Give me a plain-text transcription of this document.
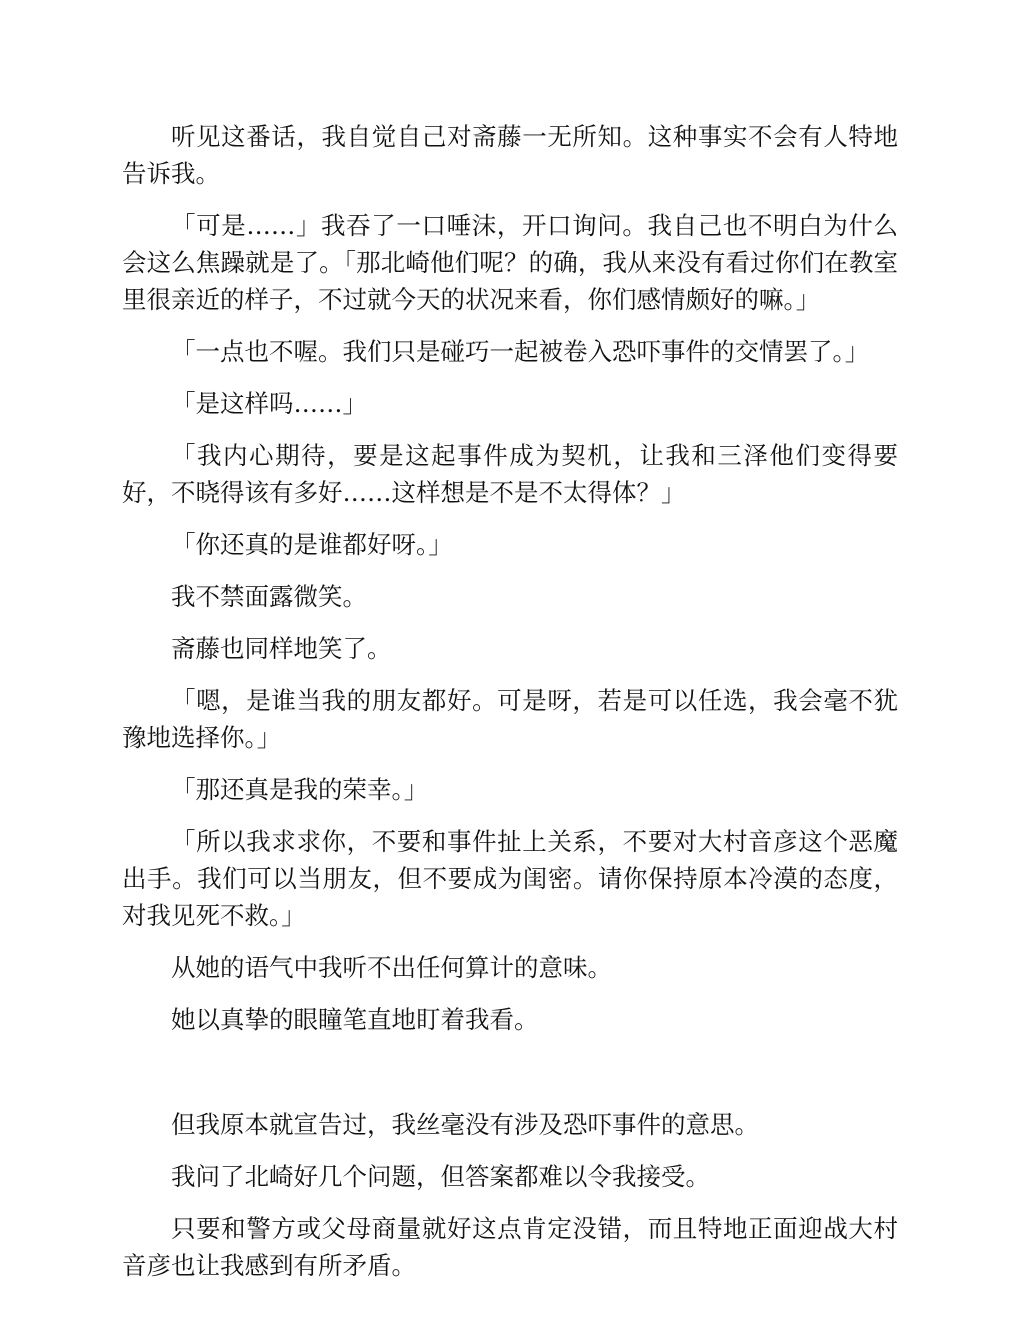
听见这番话，我自觉自己对斋藤一无所知。这种事实不会有人特地告诉我。

「可是……」我吞了一口唾沫，开口询问。我自己也不明白为什么会这么焦躁就是了。「那北崎他们呢？的确，我从来没有看过你们在教室里很亲近的样子，不过就今天的状况来看，你们感情颇好的嘛。」

「一点也不喔。我们只是碰巧一起被卷入恐吓事件的交情罢了。」

「是这样吗……」

「我内心期待，要是这起事件成为契机，让我和三泽他们变得要好，不晓得该有多好……这样想是不是不太得体？」

「你还真的是谁都好呀。」

我不禁面露微笑。

斋藤也同样地笑了。

「嗯，是谁当我的朋友都好。可是呀，若是可以任选，我会毫不犹豫地选择你。」

「那还真是我的荣幸。」

「所以我求求你，不要和事件扯上关系，不要对大村音彦这个恶魔出手。我们可以当朋友，但不要成为闺密。请你保持原本冷漠的态度，对我见死不救。」

从她的语气中我听不出任何算计的意味。

她以真挚的眼瞳笔直地盯着我看。

但我原本就宣告过，我丝毫没有涉及恐吓事件的意思。

我问了北崎好几个问题，但答案都难以令我接受。

只要和警方或父母商量就好这点肯定没错，而且特地正面迎战大村音彦也让我感到有所矛盾。
